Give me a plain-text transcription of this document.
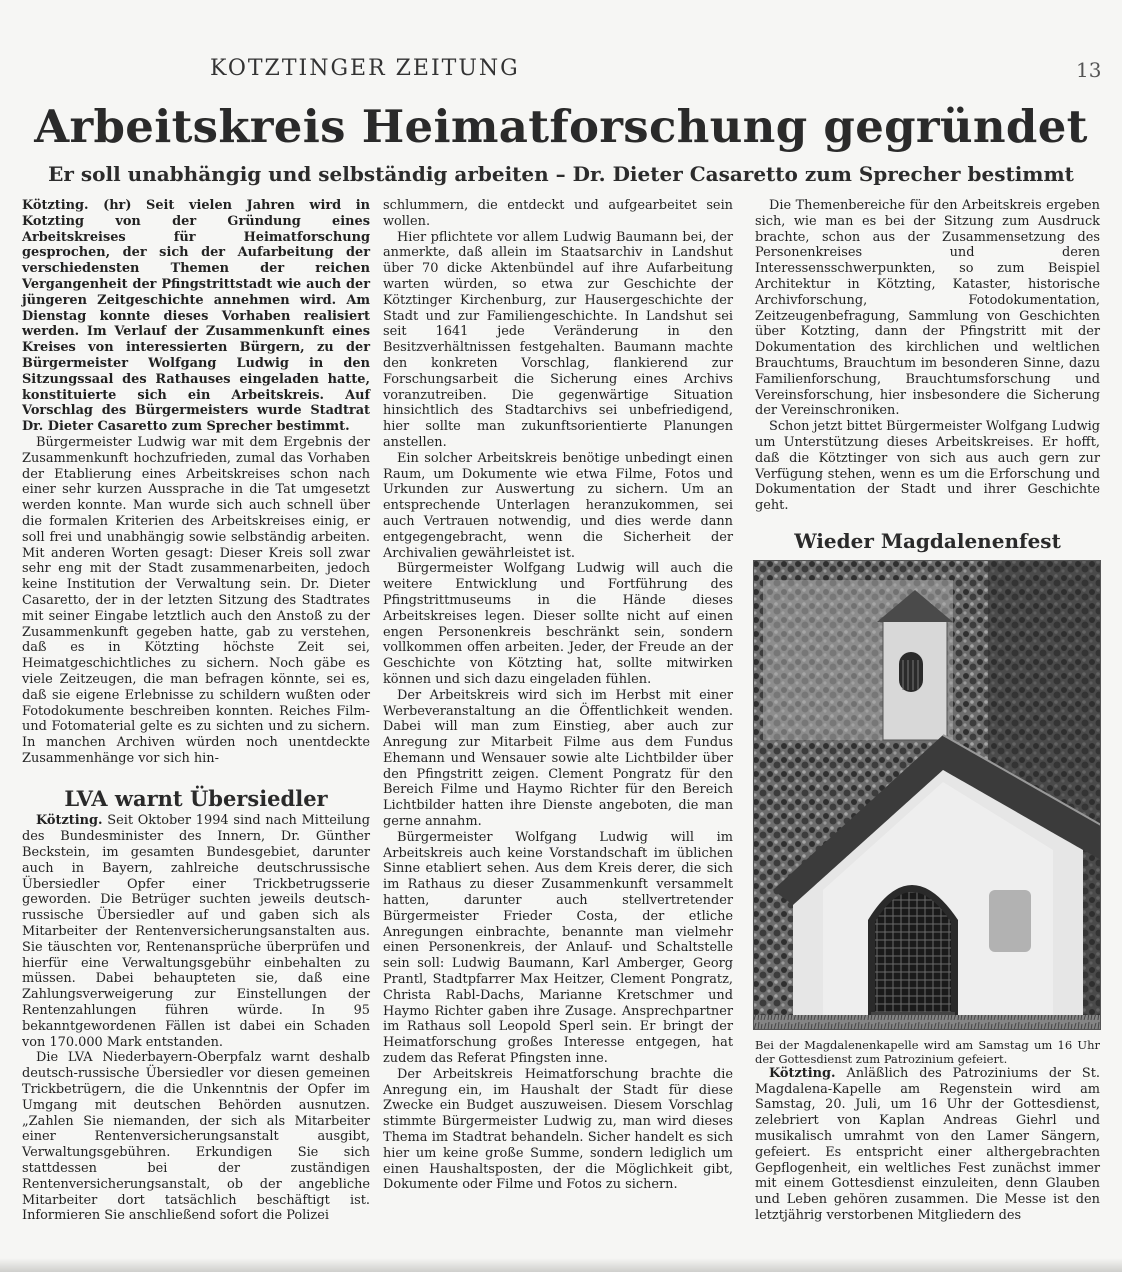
KOTZTINGER ZEITUNG	13
Arbeitskreis Heimatforschung gegründet
Er soll unabhängig und selbständig arbeiten – Dr. Dieter Casaretto zum Sprecher bestimmt

Kötzting. (hr) Seit vielen Jahren wird in Kotzting von der Gründung eines Arbeitskreises für Heimatforschung gesprochen, der sich der Aufarbeitung der verschiedensten Themen der reichen Vergangenheit der Pfingstrittstadt wie auch der jüngeren Zeitgeschichte annehmen wird. Am Dienstag konnte dieses Vorhaben realisiert werden. Im Verlauf der Zusammenkunft eines Kreises von interessierten Bürgern, zu der Bürgermeister Wolfgang Ludwig in den Sitzungssaal des Rathauses eingeladen hatte, konstituierte sich ein Arbeitskreis. Auf Vorschlag des Bürgermeisters wurde Stadtrat Dr. Dieter Casaretto zum Sprecher bestimmt.

Bürgermeister Ludwig war mit dem Ergebnis der Zusammenkunft hochzufrieden, zumal das Vorhaben der Etablierung eines Arbeitskreises schon nach einer sehr kurzen Aussprache in die Tat umgesetzt werden konnte. Man wurde sich auch schnell über die formalen Kriterien des Arbeitskreises einig, er soll frei und unabhängig sowie selbständig arbeiten. Mit anderen Worten gesagt: Dieser Kreis soll zwar sehr eng mit der Stadt zusammenarbeiten, jedoch keine Institution der Verwaltung sein. Dr. Dieter Casaretto, der in der letzten Sitzung des Stadtrates mit seiner Eingabe letztlich auch den Anstoß zu der Zusammenkunft gegeben hatte, gab zu verstehen, daß es in Kötzting höchste Zeit sei, Heimatgeschichtliches zu sichern. Noch gäbe es viele Zeitzeugen, die man befragen könnte, sei es, daß sie eigene Erlebnisse zu schildern wußten oder Fotodokumente beschreiben konnten. Reiches Film- und Fotomaterial gelte es zu sichten und zu sichern. In manchen Archiven würden noch unentdeckte Zusammenhänge vor sich hin-

LVA warnt Übersiedler

Kötzting. Seit Oktober 1994 sind nach Mitteilung des Bundesminister des Innern, Dr. Günther Beckstein, im gesamten Bundesgebiet, darunter auch in Bayern, zahlreiche deutschrussische Übersiedler Opfer einer Trickbetrugsserie geworden. Die Betrüger suchten jeweils deutsch-russische Übersiedler auf und gaben sich als Mitarbeiter der Rentenversicherungsanstalten aus. Sie täuschten vor, Rentenansprüche überprüfen und hierfür eine Verwaltungsgebühr einbehalten zu müssen. Dabei behaupteten sie, daß eine Zahlungsverweigerung zur Einstellungen der Rentenzahlungen führen würde. In 95 bekanntgewordenen Fällen ist dabei ein Schaden von 170.000 Mark entstanden.

Die LVA Niederbayern-Oberpfalz warnt deshalb deutsch-russische Übersiedler vor diesen gemeinen Trickbetrügern, die die Unkenntnis der Opfer im Umgang mit deutschen Behörden ausnutzen. „Zahlen Sie niemanden, der sich als Mitarbeiter einer Rentenversicherungsanstalt ausgibt, Verwaltungsgebühren. Erkundigen Sie sich stattdessen bei der zuständigen Rentenversicherungsanstalt, ob der angebliche Mitarbeiter dort tatsächlich beschäftigt ist. Informieren Sie anschließend sofort die Polizei

schlummern, die entdeckt und aufgearbeitet sein wollen.

Hier pflichtete vor allem Ludwig Baumann bei, der anmerkte, daß allein im Staatsarchiv in Landshut über 70 dicke Aktenbündel auf ihre Aufarbeitung warten würden, so etwa zur Geschichte der Kötztinger Kirchenburg, zur Hausergeschichte der Stadt und zur Familiengeschichte. In Landshut sei seit 1641 jede Veränderung in den Besitzverhältnissen festgehalten. Baumann machte den konkreten Vorschlag, flankierend zur Forschungsarbeit die Sicherung eines Archivs voranzutreiben. Die gegenwärtige Situation hinsichtlich des Stadtarchivs sei unbefriedigend, hier sollte man zukunftsorientierte Planungen anstellen.

Ein solcher Arbeitskreis benötige unbedingt einen Raum, um Dokumente wie etwa Filme, Fotos und Urkunden zur Auswertung zu sichern. Um an entsprechende Unterlagen heranzukommen, sei auch Vertrauen notwendig, und dies werde dann entgegengebracht, wenn die Sicherheit der Archivalien gewährleistet ist.

Bürgermeister Wolfgang Ludwig will auch die weitere Entwicklung und Fortführung des Pfingstrittmuseums in die Hände dieses Arbeitskreises legen. Dieser sollte nicht auf einen engen Personenkreis beschränkt sein, sondern vollkommen offen arbeiten. Jeder, der Freude an der Geschichte von Kötzting hat, sollte mitwirken können und sich dazu eingeladen fühlen.

Der Arbeitskreis wird sich im Herbst mit einer Werbeveranstaltung an die Öffentlichkeit wenden. Dabei will man zum Einstieg, aber auch zur Anregung zur Mitarbeit Filme aus dem Fundus Ehemann und Wensauer sowie alte Lichtbilder über den Pfingstritt zeigen. Clement Pongratz für den Bereich Filme und Haymo Richter für den Bereich Lichtbilder hatten ihre Dienste angeboten, die man gerne annahm.

Bürgermeister Wolfgang Ludwig will im Arbeitskreis auch keine Vorstandschaft im üblichen Sinne etabliert sehen. Aus dem Kreis derer, die sich im Rathaus zu dieser Zusammenkunft versammelt hatten, darunter auch stellvertretender Bürgermeister Frieder Costa, der etliche Anregungen einbrachte, benannte man vielmehr einen Personenkreis, der Anlauf- und Schaltstelle sein soll: Ludwig Baumann, Karl Amberger, Georg Prantl, Stadtpfarrer Max Heitzer, Clement Pongratz, Christa Rabl-Dachs, Marianne Kretschmer und Haymo Richter gaben ihre Zusage. Ansprechpartner im Rathaus soll Leopold Sperl sein. Er bringt der Heimatforschung großes Interesse entgegen, hat zudem das Referat Pfingsten inne.

Der Arbeitskreis Heimatforschung brachte die Anregung ein, im Haushalt der Stadt für diese Zwecke ein Budget auszuweisen. Diesem Vorschlag stimmte Bürgermeister Ludwig zu, man wird dieses Thema im Stadtrat behandeln. Sicher handelt es sich hier um keine große Summe, sondern lediglich um einen Haushaltsposten, der die Möglichkeit gibt, Dokumente oder Filme und Fotos zu sichern.

Die Themenbereiche für den Arbeitskreis ergeben sich, wie man es bei der Sitzung zum Ausdruck brachte, schon aus der Zusammensetzung des Personenkreises und deren Interessensschwerpunkten, so zum Beispiel Architektur in Kötzting, Kataster, historische Archivforschung, Fotodokumentation, Zeitzeugenbefragung, Sammlung von Geschichten über Kotzting, dann der Pfingstritt mit der Dokumentation des kirchlichen und weltlichen Brauchtums, Brauchtum im besonderen Sinne, dazu Familienforschung, Brauchtumsforschung und Vereinsforschung, hier insbesondere die Sicherung der Vereinschroniken.

Schon jetzt bittet Bürgermeister Wolfgang Ludwig um Unterstützung dieses Arbeitskreises. Er hofft, daß die Kötztinger von sich aus auch gern zur Verfügung stehen, wenn es um die Erforschung und Dokumentation der Stadt und ihrer Geschichte geht.

Wieder Magdalenenfest

Bei der Magdalenenkapelle wird am Samstag um 16 Uhr der Gottesdienst zum Patrozinium gefeiert.

Kötzting. Anläßlich des Patroziniums der St. Magdalena-Kapelle am Regenstein wird am Samstag, 20. Juli, um 16 Uhr der Gottesdienst, zelebriert von Kaplan Andreas Giehrl und musikalisch umrahmt von den Lamer Sängern, gefeiert. Es entspricht einer althergebrachten Gepflogenheit, ein weltliches Fest zunächst immer mit einem Gottesdienst einzuleiten, denn Glauben und Leben gehören zusammen. Die Messe ist den letztjährig verstorbenen Mitgliedern des
